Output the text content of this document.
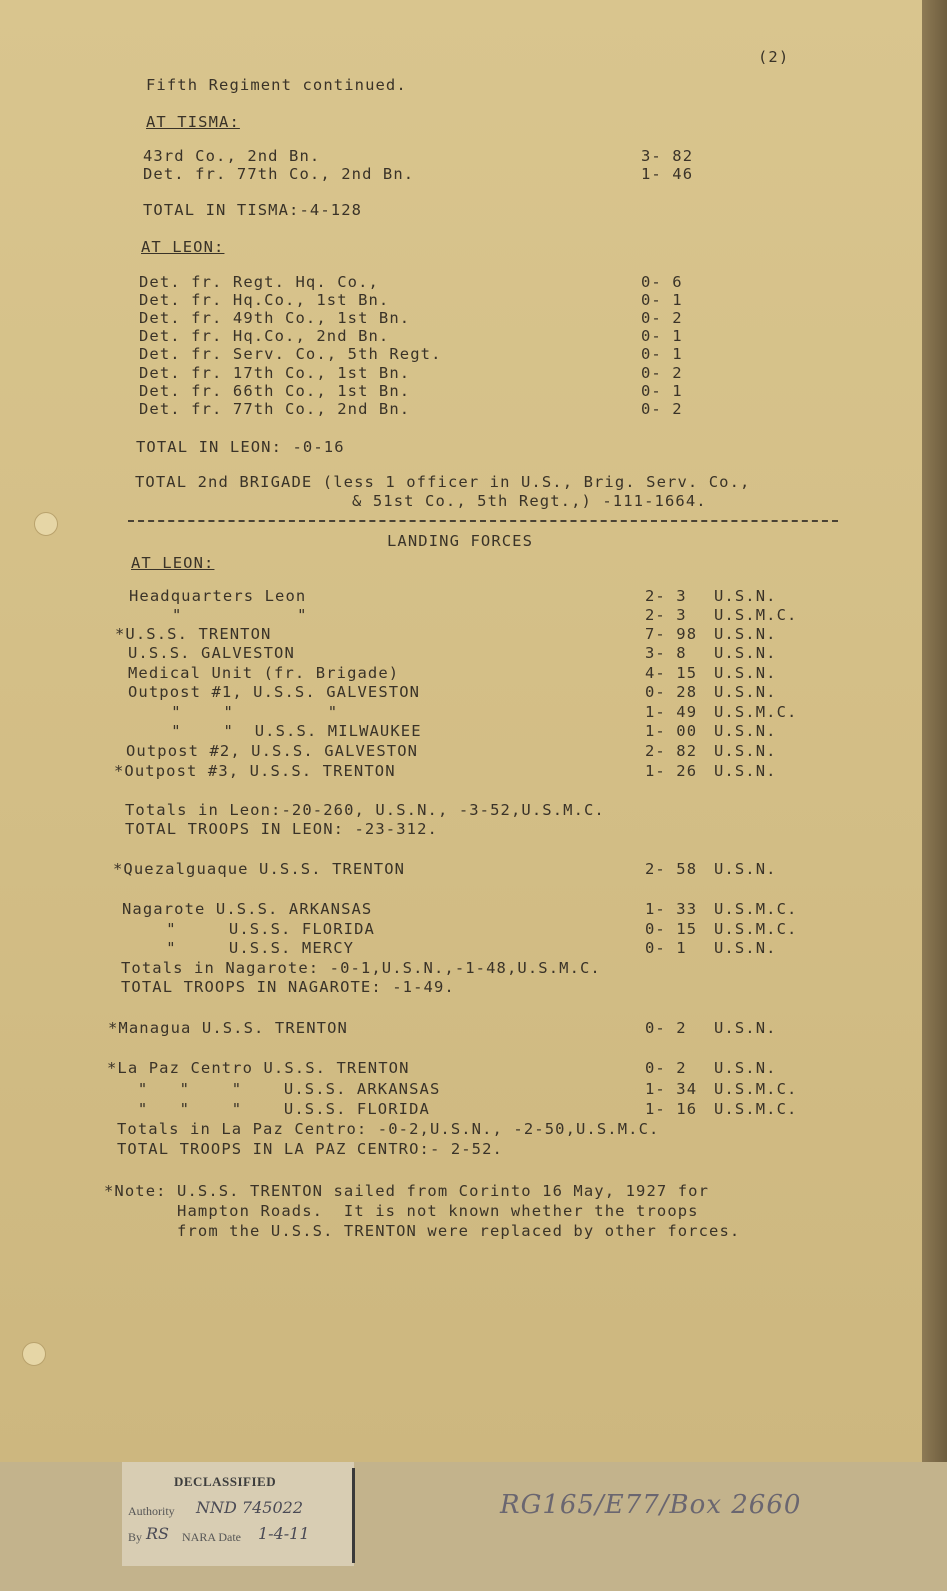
(2)
Fifth Regiment continued.
AT TISMA:
43rd Co., 2nd Bn.	3- 82
Det. fr. 77th Co., 2nd Bn.	1- 46
TOTAL IN TISMA:-4-128
AT LEON:
Det. fr. Regt. Hq. Co.,	0- 6
Det. fr. Hq.Co., 1st Bn.	0- 1
Det. fr. 49th Co., 1st Bn.	0- 2
Det. fr. Hq.Co., 2nd Bn.	0- 1
Det. fr. Serv. Co., 5th Regt.	0- 1
Det. fr. 17th Co., 1st Bn.	0- 2
Det. fr. 66th Co., 1st Bn.	0- 1
Det. fr. 77th Co., 2nd Bn.	0- 2
TOTAL IN LEON: -0-16
TOTAL 2nd BRIGADE (less 1 officer in U.S., Brig. Serv. Co.,
& 51st Co., 5th Regt.,) -111-1664.
LANDING FORCES
AT LEON:
Headquarters Leon	2- 3 U.S.N.
"           "	2- 3 U.S.M.C.
*U.S.S. TRENTON	7- 98 U.S.N.
U.S.S. GALVESTON	3- 8 U.S.N.
Medical Unit (fr. Brigade)	4- 15 U.S.N.
Outpost #1, U.S.S. GALVESTON	0- 28 U.S.N.
"    "         "	1- 49 U.S.M.C.
"    "  U.S.S. MILWAUKEE	1- 00 U.S.N.
Outpost #2, U.S.S. GALVESTON	2- 82 U.S.N.
*Outpost #3, U.S.S. TRENTON	1- 26 U.S.N.
Totals in Leon:-20-260, U.S.N., -3-52,U.S.M.C.
TOTAL TROOPS IN LEON: -23-312.
*Quezalguaque U.S.S. TRENTON	2- 58 U.S.N.
Nagarote U.S.S. ARKANSAS	1- 33 U.S.M.C.
"     U.S.S. FLORIDA	0- 15 U.S.M.C.
"     U.S.S. MERCY	0- 1 U.S.N.
Totals in Nagarote: -0-1,U.S.N.,-1-48,U.S.M.C.
TOTAL TROOPS IN NAGAROTE: -1-49.
*Managua U.S.S. TRENTON	0- 2 U.S.N.
*La Paz Centro U.S.S. TRENTON	0- 2 U.S.N.
"   "    "    U.S.S. ARKANSAS	1- 34 U.S.M.C.
"   "    "    U.S.S. FLORIDA	1- 16 U.S.M.C.
Totals in La Paz Centro: -0-2,U.S.N., -2-50,U.S.M.C.
TOTAL TROOPS IN LA PAZ CENTRO:- 2-52.
*Note: U.S.S. TRENTON sailed from Corinto 16 May, 1927 for
Hampton Roads.  It is not known whether the troops
from the U.S.S. TRENTON were replaced by other forces.
DECLASSIFIED
Authority NND 745022
By RS NARA Date 1-4-11
RG165/E77/Box 2660
